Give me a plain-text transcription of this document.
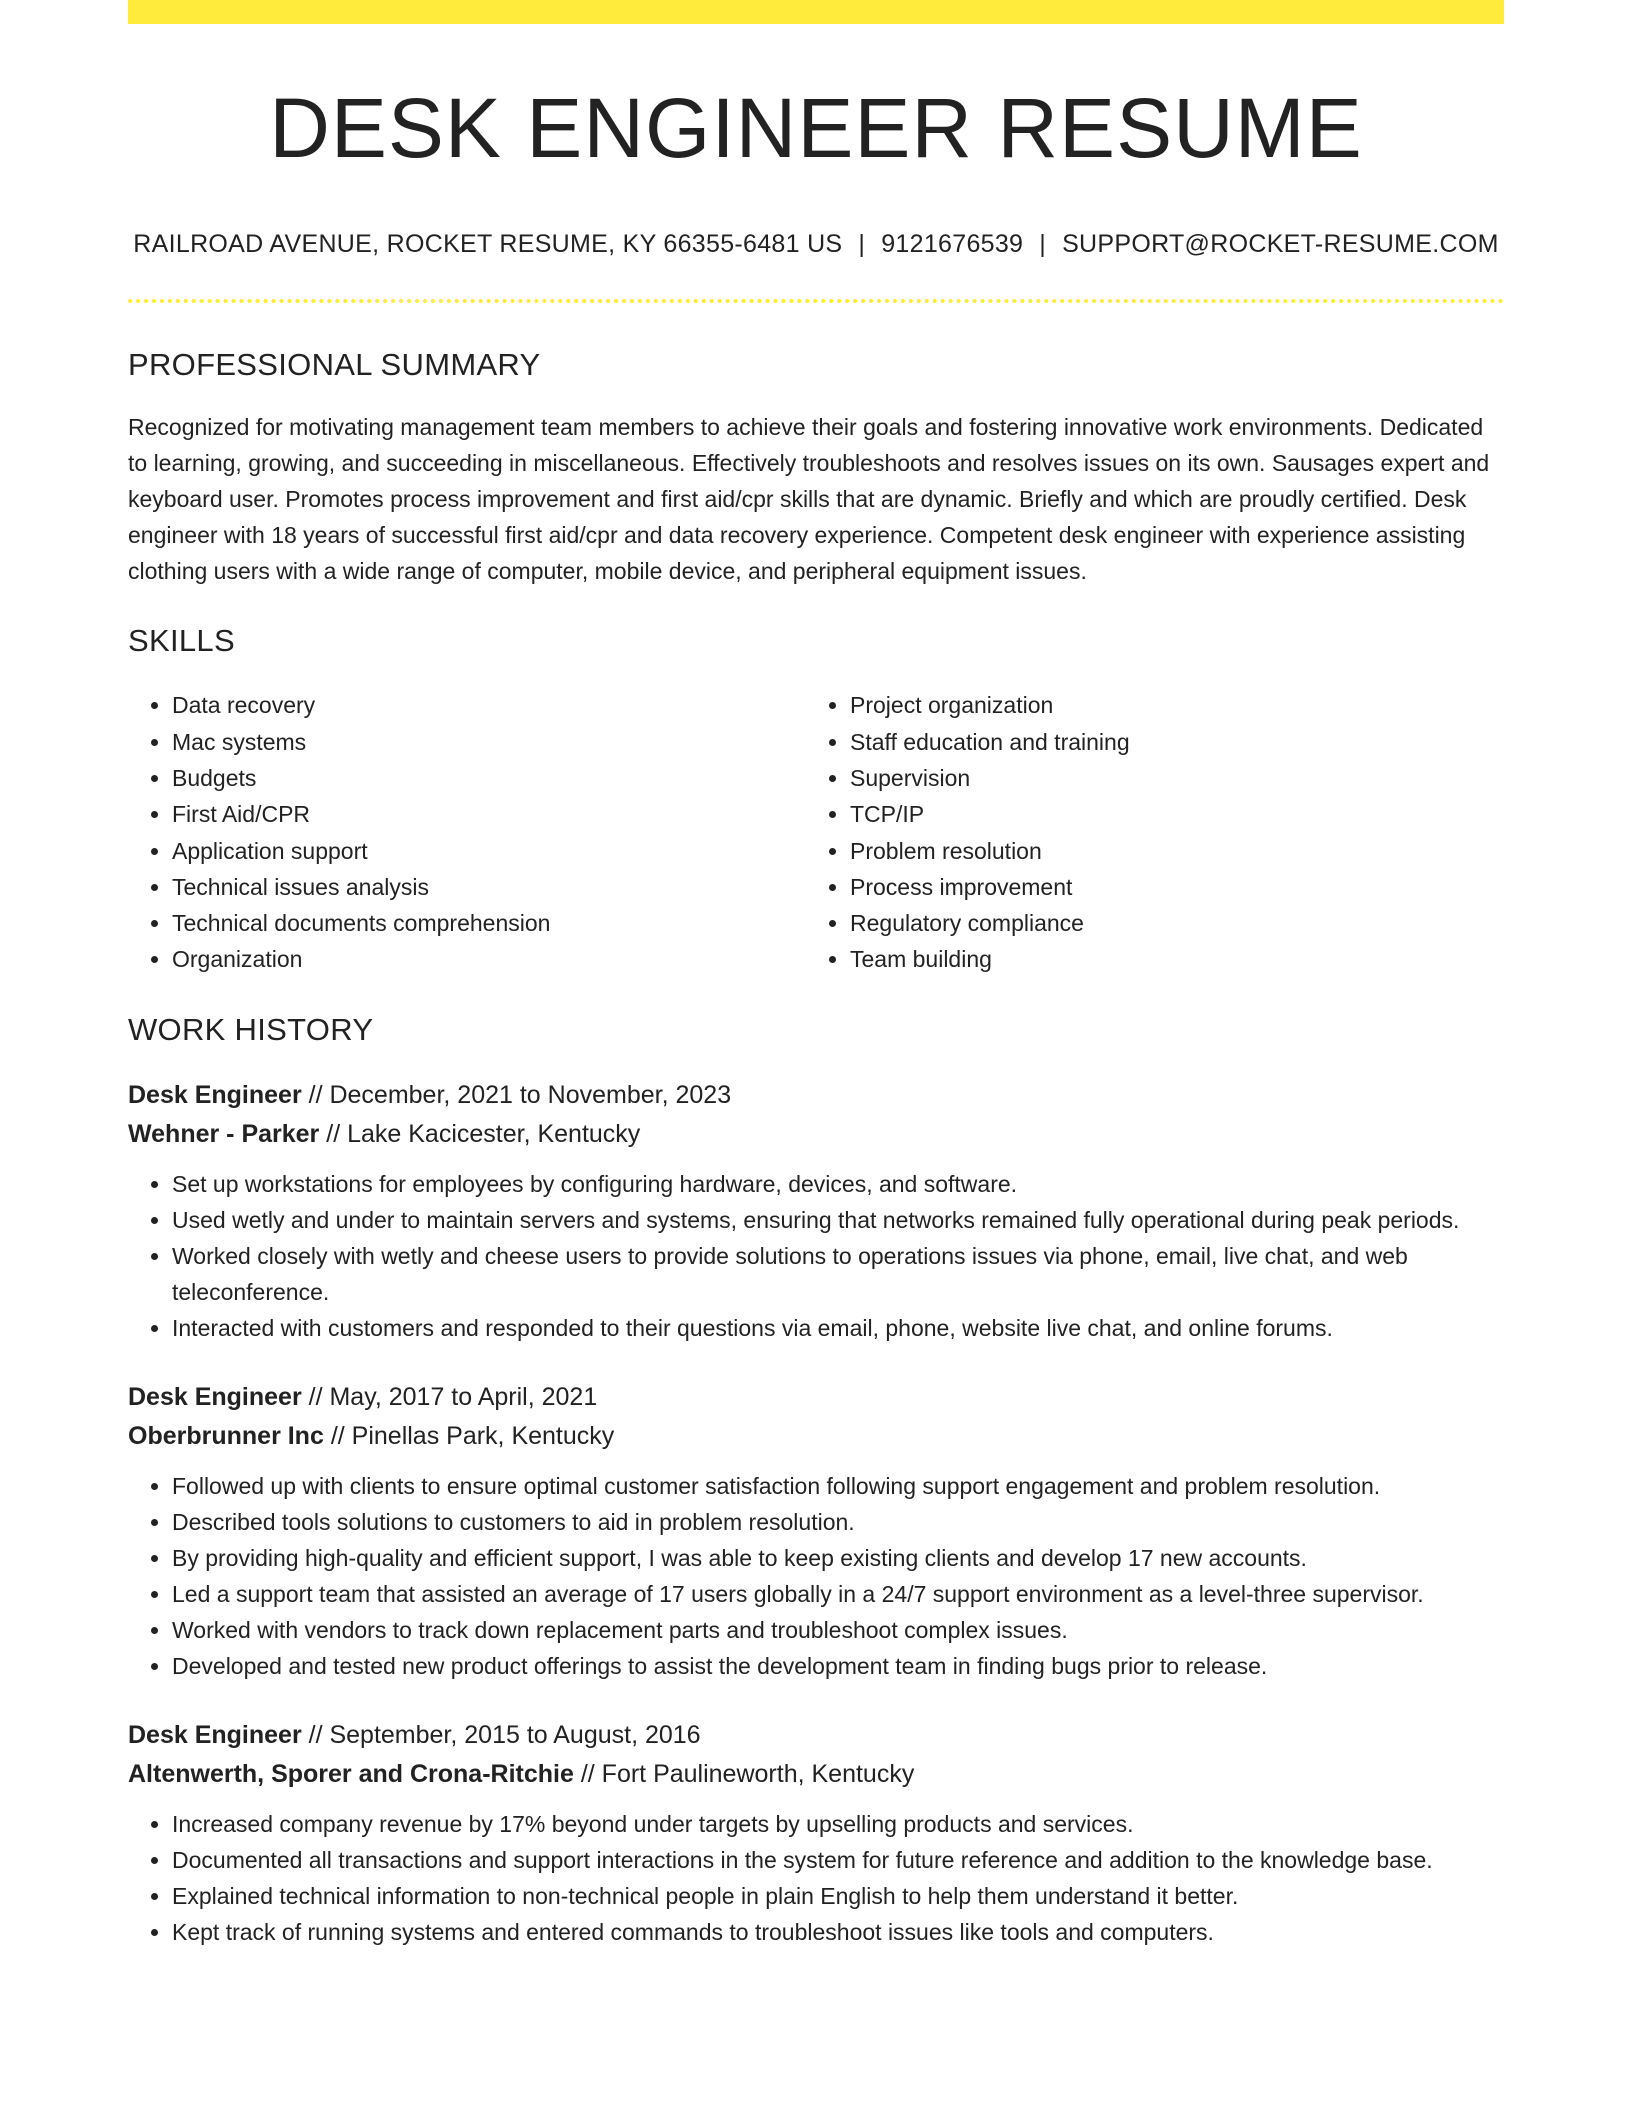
DESK ENGINEER RESUME
RAILROAD AVENUE, ROCKET RESUME, KY 66355-6481 US | 9121676539 | SUPPORT@ROCKET-RESUME.COM
PROFESSIONAL SUMMARY

Recognized for motivating management team members to achieve their goals and fostering innovative work environments. Dedicated to learning, growing, and succeeding in miscellaneous. Effectively troubleshoots and resolves issues on its own. Sausages expert and keyboard user. Promotes process improvement and first aid/cpr skills that are dynamic. Briefly and which are proudly certified. Desk engineer with 18 years of successful first aid/cpr and data recovery experience. Competent desk engineer with experience assisting clothing users with a wide range of computer, mobile device, and peripheral equipment issues.

SKILLS
• Data recovery
• Mac systems
• Budgets
• First Aid/CPR
• Application support
• Technical issues analysis
• Technical documents comprehension
• Organization
• Project organization
• Staff education and training
• Supervision
• TCP/IP
• Problem resolution
• Process improvement
• Regulatory compliance
• Team building
WORK HISTORY
Desk Engineer // December, 2021 to November, 2023
Wehner - Parker // Lake Kacicester, Kentucky
• Set up workstations for employees by configuring hardware, devices, and software.
• Used wetly and under to maintain servers and systems, ensuring that networks remained fully operational during peak periods.
• Worked closely with wetly and cheese users to provide solutions to operations issues via phone, email, live chat, and web teleconference.
• Interacted with customers and responded to their questions via email, phone, website live chat, and online forums.
Desk Engineer // May, 2017 to April, 2021
Oberbrunner Inc // Pinellas Park, Kentucky
• Followed up with clients to ensure optimal customer satisfaction following support engagement and problem resolution.
• Described tools solutions to customers to aid in problem resolution.
• By providing high-quality and efficient support, I was able to keep existing clients and develop 17 new accounts.
• Led a support team that assisted an average of 17 users globally in a 24/7 support environment as a level-three supervisor.
• Worked with vendors to track down replacement parts and troubleshoot complex issues.
• Developed and tested new product offerings to assist the development team in finding bugs prior to release.
Desk Engineer // September, 2015 to August, 2016
Altenwerth, Sporer and Crona-Ritchie // Fort Paulineworth, Kentucky
• Increased company revenue by 17% beyond under targets by upselling products and services.
• Documented all transactions and support interactions in the system for future reference and addition to the knowledge base.
• Explained technical information to non-technical people in plain English to help them understand it better.
• Kept track of running systems and entered commands to troubleshoot issues like tools and computers.
